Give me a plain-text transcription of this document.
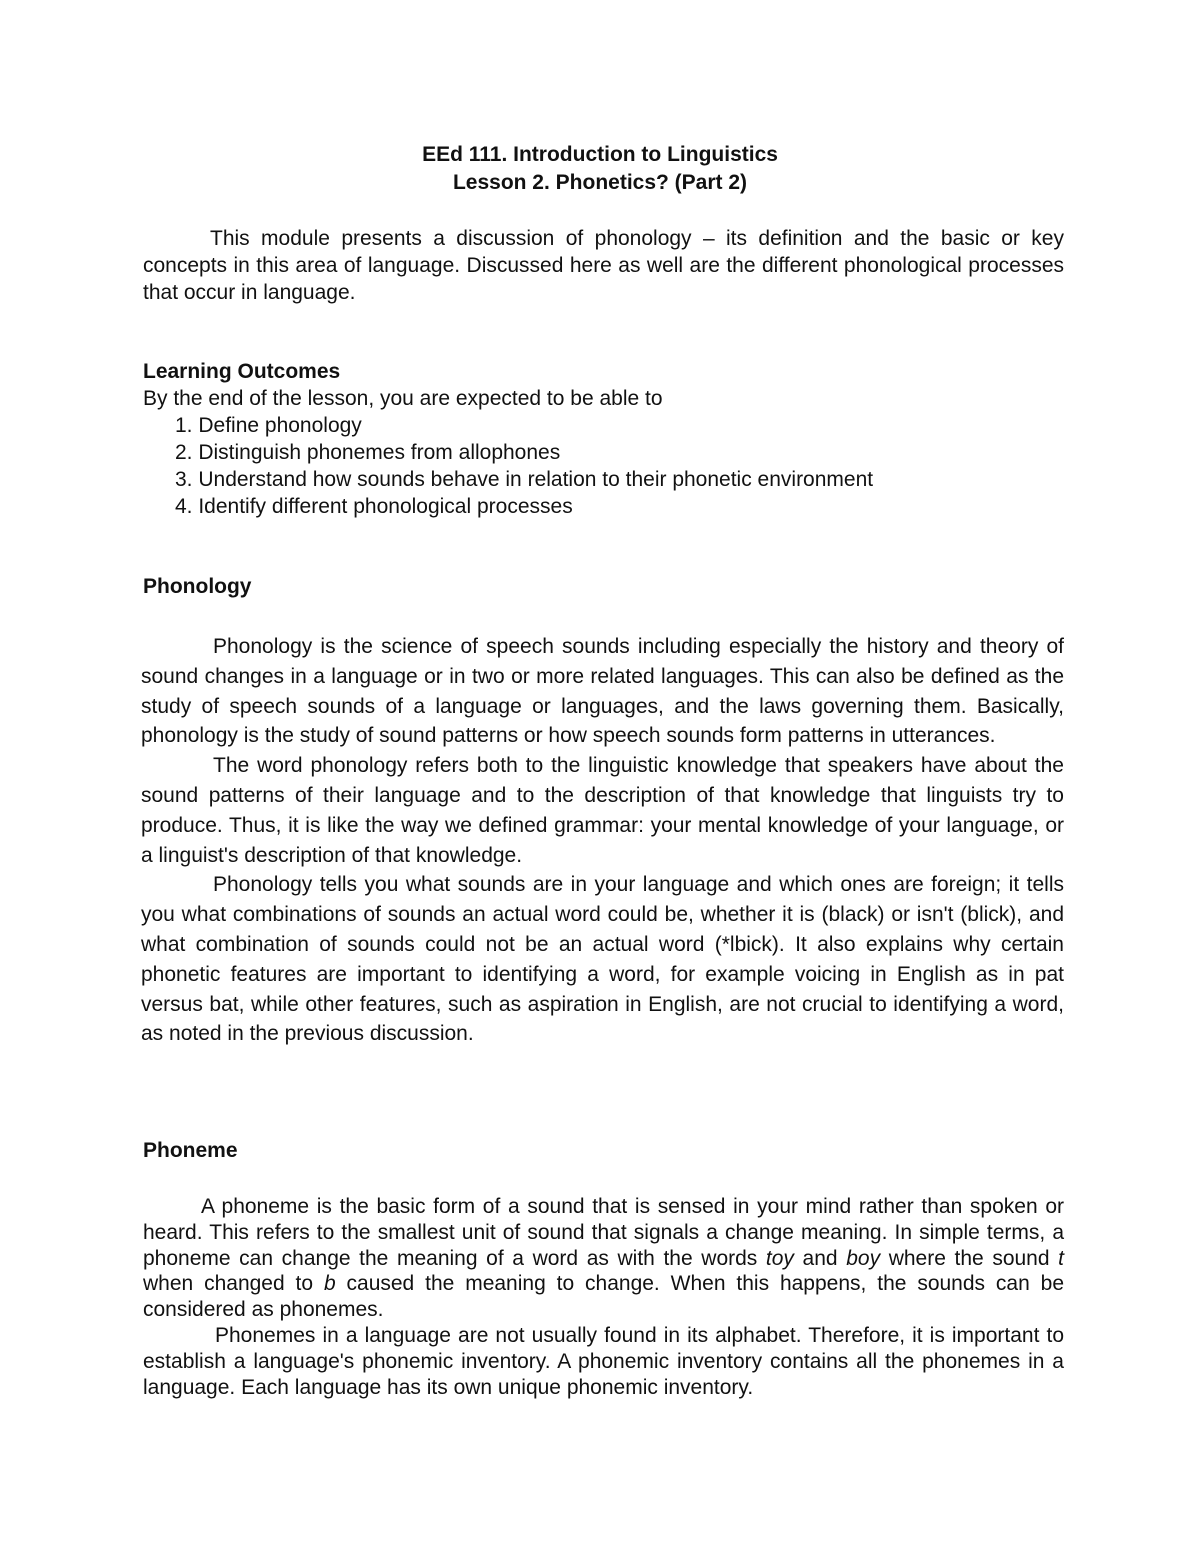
EEd 111. Introduction to Linguistics
Lesson 2. Phonetics? (Part 2)

This module presents a discussion of phonology – its definition and the basic or key concepts in this area of language. Discussed here as well are the different phonological processes that occur in language.

Learning Outcomes

By the end of the lesson, you are expected to be able to

1. Define phonology
2. Distinguish phonemes from allophones
3. Understand how sounds behave in relation to their phonetic environment
4. Identify different phonological processes
Phonology

Phonology is the science of speech sounds including especially the history and theory of sound changes in a language or in two or more related languages. This can also be defined as the study of speech sounds of a language or languages, and the laws governing them. Basically, phonology is the study of sound patterns or how speech sounds form patterns in utterances.

The word phonology refers both to the linguistic knowledge that speakers have about the sound patterns of their language and to the description of that knowledge that linguists try to produce. Thus, it is like the way we defined grammar: your mental knowledge of your language, or a linguist's description of that knowledge.

Phonology tells you what sounds are in your language and which ones are foreign; it tells you what combinations of sounds an actual word could be, whether it is (black) or isn't (blick), and what combination of sounds could not be an actual word (*lbick). It also explains why certain phonetic features are important to identifying a word, for example voicing in English as in pat versus bat, while other features, such as aspiration in English, are not crucial to identifying a word, as noted in the previous discussion.

Phoneme

A phoneme is the basic form of a sound that is sensed in your mind rather than spoken or heard. This refers to the smallest unit of sound that signals a change meaning. In simple terms, a phoneme can change the meaning of a word as with the words toy and boy where the sound t when changed to b caused the meaning to change. When this happens, the sounds can be considered as phonemes.

Phonemes in a language are not usually found in its alphabet. Therefore, it is important to establish a language's phonemic inventory. A phonemic inventory contains all the phonemes in a language. Each language has its own unique phonemic inventory.
